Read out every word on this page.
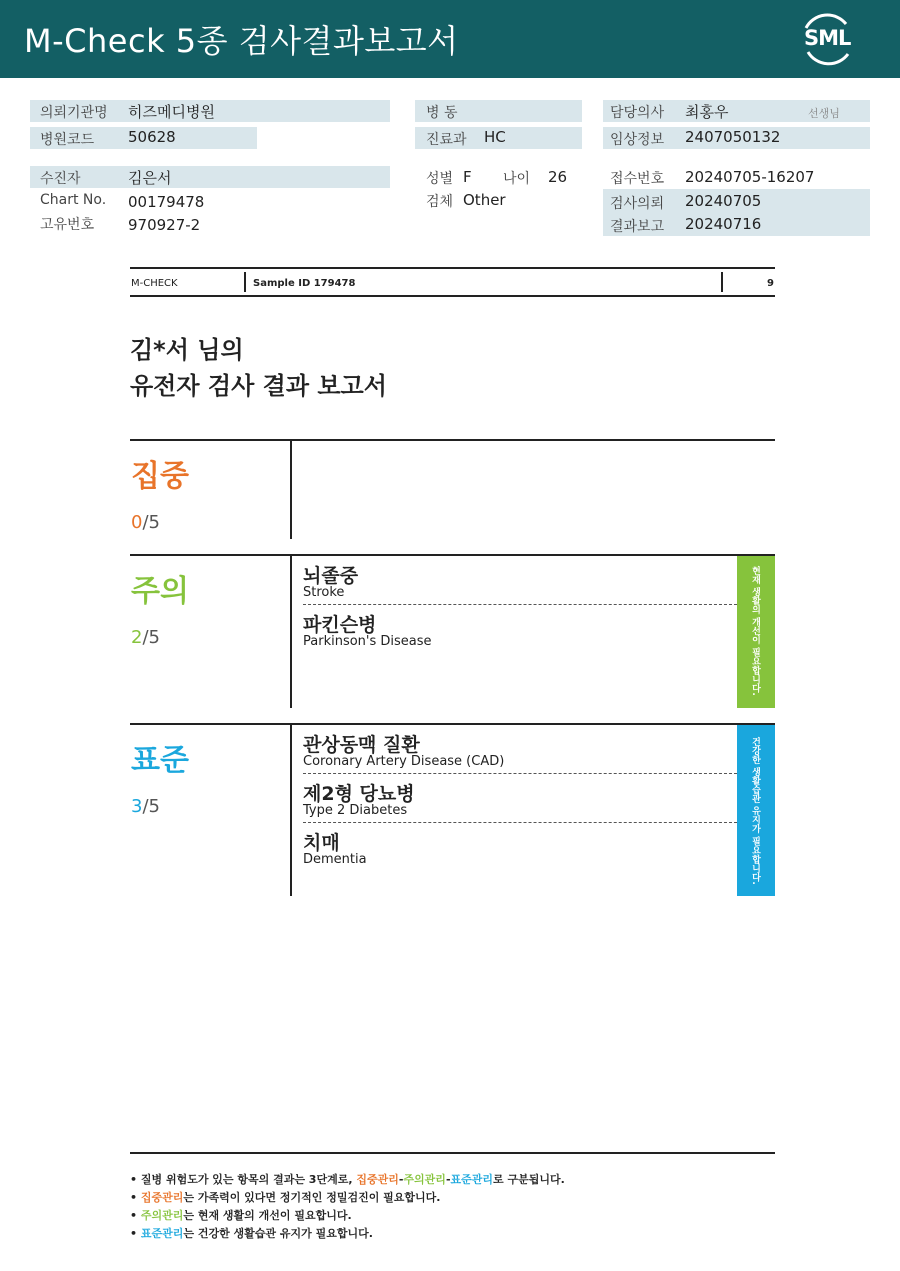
M-Check 5종 검사결과보고서	SML
의뢰기관명 히즈메디병원
병원코드 50628
병 동
진료과 HC
담당의사 최홍우	선생님
임상정보 2407050132
수진자	김은서
Chart No. 00179478
고유번호 970927-2
성별 F 나이 26
검체 Other
접수번호 20240705-16207
검사의뢰 20240705
결과보고 20240716
M-CHECK	Sample ID 179478	9
김*서 님의
유전자 검사 결과 보고서
집중
0/5
주의
2/5
뇌졸중
Stroke
파킨슨병
Parkinson's Disease	현재 생활의 개선이 필요합니다.
표준
3/5
관상동맥 질환
Coronary Artery Disease (CAD)
제2형 당뇨병
Type 2 Diabetes
치매
Dementia	건강한 생활습관 유지가 필요합니다.
• 질병 위험도가 있는 항목의 결과는 3단계로, 집중관리-주의관리-표준관리로 구분됩니다.
• 집중관리는 가족력이 있다면 정기적인 정밀검진이 필요합니다.
• 주의관리는 현재 생활의 개선이 필요합니다.
• 표준관리는 건강한 생활습관 유지가 필요합니다.
